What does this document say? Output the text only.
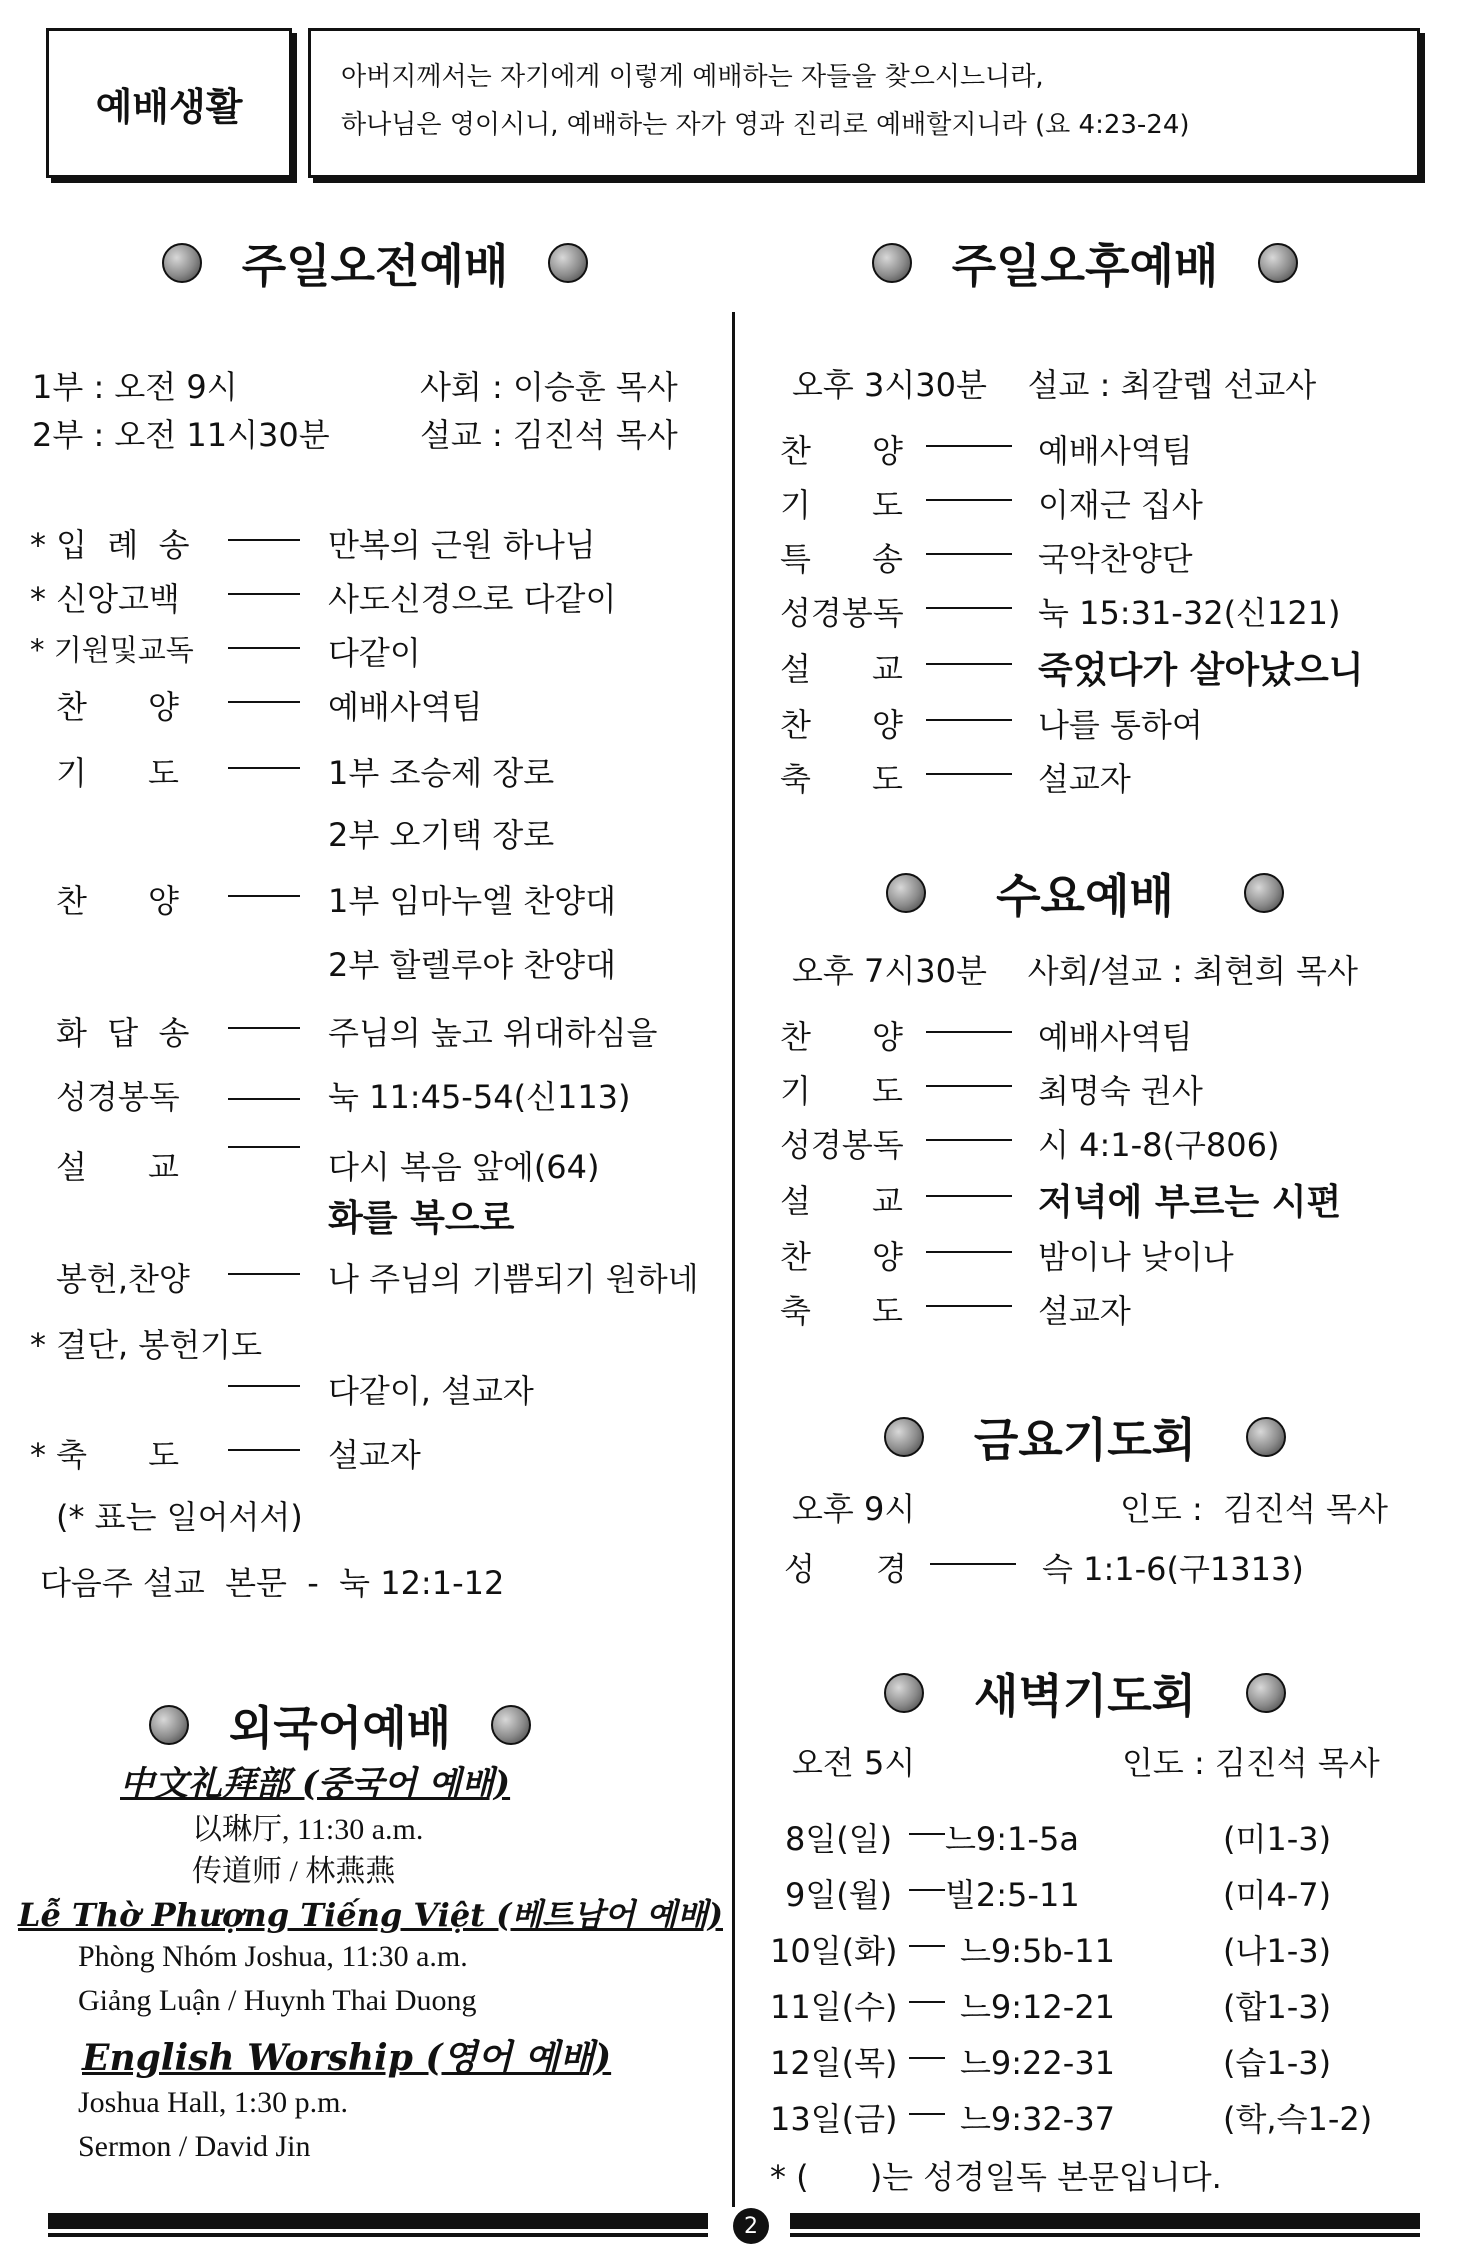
예배생활
아버지께서는 자기에게 이렇게 예배하는 자들을 찾으시느니라,
하나님은 영이시니, 예배하는 자가 영과 진리로 예배할지니라 (요 4:23-24)
주일오전예배
1부 : 오전 9시	사회 : 이승훈 목사
2부 : 오전 11시30분	설교 : 김진석 목사
* 입  례  송	만복의 근원 하나님
* 신앙고백	사도신경으로 다같이
* 기원및교독	다같이
찬      양	예배사역팀
기      도	1부 조승제 장로
2부 오기택 장로
찬      양	1부 임마누엘 찬양대
2부 할렐루야 찬양대
화  답  송	주님의 높고 위대하심을
성경봉독	눅 11:45-54(신113)
설      교	다시 복음 앞에(64)
화를 복으로
봉헌,찬양	나 주님의 기쁨되기 원하네
* 결단, 봉헌기도
다같이, 설교자
* 축      도	설교자
(* 표는 일어서서)
다음주 설교  본문  -  눅 12:1-12
외국어예배
中文礼拜部 (중국어 예배)
以琳厅, 11:30 a.m.
传道师 / 林燕燕
Lễ Thờ Phượng Tiếng Việt (베트남어 예배)
Phòng Nhóm Joshua, 11:30 a.m.
Giảng Luận / Huynh Thai Duong
English Worship (영어 예배)
Joshua Hall, 1:30 p.m.
Sermon / David Jin
주일오후예배
오후 3시30분    설교 : 최갈렙 선교사
찬      양	예배사역팀
기      도	이재근 집사
특      송	국악찬양단
성경봉독	눅 15:31-32(신121)
설      교	죽었다가 살아났으니
찬      양	나를 통하여
축      도	설교자
수요예배
오후 7시30분    사회/설교 : 최현희 목사
찬      양	예배사역팀
기      도	최명숙 권사
성경봉독	시 4:1-8(구806)
설      교	저녁에 부르는 시편
찬      양	밤이나 낮이나
축      도	설교자
금요기도회
오후 9시	인도 :  김진석 목사
성      경	슥 1:1-6(구1313)
새벽기도회
오전 5시	인도 : 김진석 목사
8일(일) 느9:1-5a	(미1-3)
9일(월) 빌2:5-11	(미4-7)
10일(화) 느9:5b-11	(나1-3)
11일(수) 느9:12-21	(합1-3)
12일(목) 느9:22-31	(습1-3)
13일(금) 느9:32-37	(학,슥1-2)
* (      )는 성경일독 본문입니다.
2
